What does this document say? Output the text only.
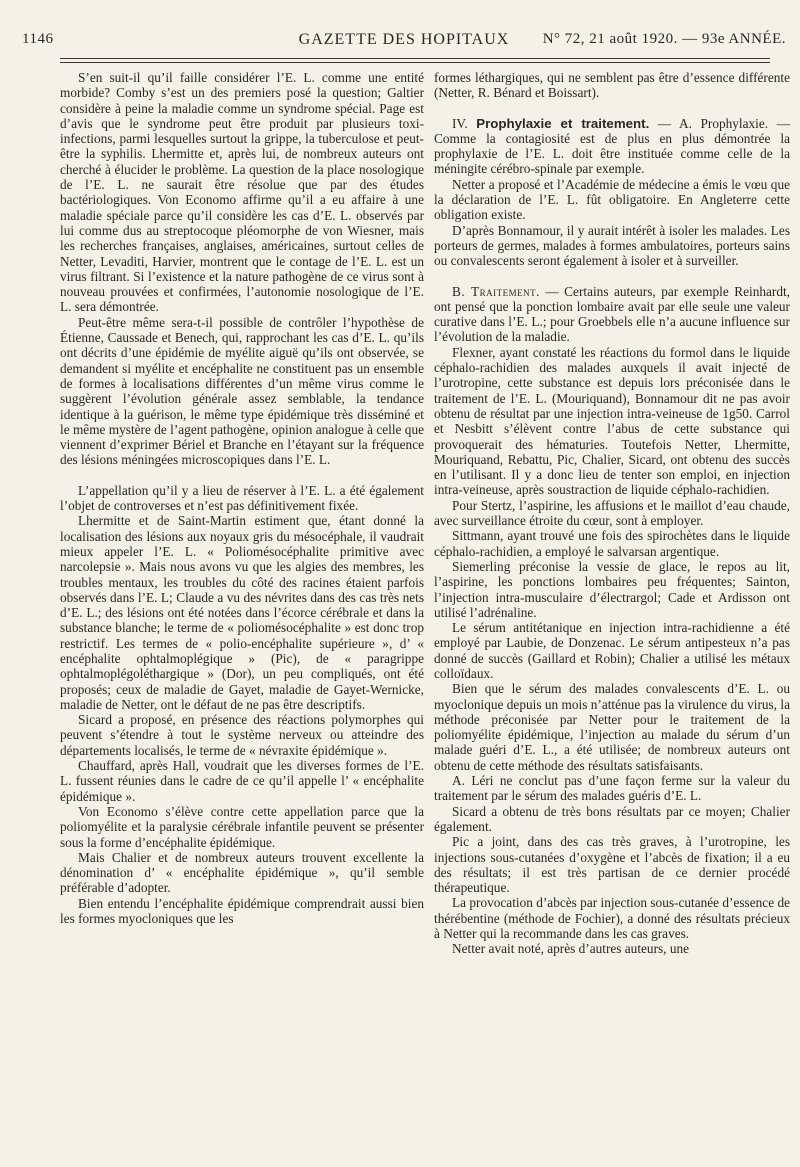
1146	GAZETTE DES HOPITAUX	N° 72, 21 août 1920. — 93e ANNÉE.

S’en suit-il qu’il faille considérer l’E. L. comme une entité morbide? Comby s’est un des premiers posé la question; Galtier considère à peine la maladie comme un syndrome spécial. Page est d’avis que le syndrome peut être produit par plusieurs toxi-infections, parmi lesquelles surtout la grippe, la tuberculose et peut-être la syphilis. Lhermitte et, après lui, de nombreux auteurs ont cherché à élucider le problème. La question de la place nosologique de l’E. L. ne saurait être résolue que par des études bactériologiques. Von Economo affirme qu’il a eu affaire à une maladie spéciale parce qu’il considère les cas d’E. L. observés par lui comme dus au streptocoque pléomorphe de von Wiesner, mais les recherches françaises, anglaises, américaines, surtout celles de Netter, Levaditi, Harvier, montrent que le contage de l’E. L. est un virus filtrant. Si l’existence et la nature pathogène de ce virus sont à nouveau prouvées et confirmées, l’autonomie nosologique de l’E. L. sera démontrée.

Peut-être même sera-t-il possible de contrôler l’hypothèse de Étienne, Caussade et Benech, qui, rapprochant les cas d’E. L. qu’ils ont décrits d’une épidémie de myélite aiguë qu’ils ont observée, se demandent si myélite et encéphalite ne constituent pas un ensemble de formes à localisations différentes d’un même virus comme le suggèrent l’évolution générale assez semblable, la tendance identique à la guérison, le même type épidémique très disséminé et le même mystère de l’agent pathogène, opinion analogue à celle que viennent d’exprimer Bériel et Branche en l’étayant sur la fréquence des lésions méningées microscopiques dans l’E. L.

L’appellation qu’il y a lieu de réserver à l’E. L. a été également l’objet de controverses et n’est pas définitivement fixée.

Lhermitte et de Saint-Martin estiment que, étant donné la localisation des lésions aux noyaux gris du mésocéphale, il vaudrait mieux appeler l’E. L. « Poliomésocéphalite primitive avec narcolepsie ». Mais nous avons vu que les algies des membres, les troubles mentaux, les troubles du côté des racines étaient parfois observés dans l’E. L; Claude a vu des névrites dans des cas très nets d’E. L.; des lésions ont été notées dans l’écorce cérébrale et dans la substance blanche; le terme de « poliomésocéphalite » est donc trop restrictif. Les termes de « polio-encéphalite supérieure », d’ « encéphalite ophtalmoplégique » (Pic), de « paragrippe ophtalmoplégoléthargique » (Dor), un peu compliqués, ont été proposés; ceux de maladie de Gayet, maladie de Gayet-Wernicke, maladie de Netter, ont le défaut de ne pas être descriptifs.

Sicard a proposé, en présence des réactions polymorphes qui peuvent s’étendre à tout le système nerveux ou atteindre des départements localisés, le terme de « névraxite épidémique ».

Chauffard, après Hall, voudrait que les diverses formes de l’E. L. fussent réunies dans le cadre de ce qu’il appelle l’ « encéphalite épidémique ».

Von Economo s’élève contre cette appellation parce que la poliomyélite et la paralysie cérébrale infantile peuvent se présenter sous la forme d’encéphalite épidémique.

Mais Chalier et de nombreux auteurs trouvent excellente la dénomination d’ « encéphalite épidémique », qu’il semble préférable d’adopter.

Bien entendu l’encéphalite épidémique comprendrait aussi bien les formes myocloniques que les

formes léthargiques, qui ne semblent pas être d’essence différente (Netter, R. Bénard et Boissart).

IV. Prophylaxie et traitement. — A. Prophylaxie. — Comme la contagiosité est de plus en plus démontrée la prophylaxie de l’E. L. doit être instituée comme celle de la méningite cérébro-spinale par exemple.

Netter a proposé et l’Académie de médecine a émis le vœu que la déclaration de l’E. L. fût obligatoire. En Angleterre cette obligation existe.

D’après Bonnamour, il y aurait intérêt à isoler les malades. Les porteurs de germes, malades à formes ambulatoires, porteurs sains ou convalescents seront également à isoler et à surveiller.

B. Traitement. — Certains auteurs, par exemple Reinhardt, ont pensé que la ponction lombaire avait par elle seule une valeur curative dans l’E. L.; pour Groebbels elle n’a aucune influence sur l’évolution de la maladie.

Flexner, ayant constaté les réactions du formol dans le liquide céphalo-rachidien des malades auxquels il avait injecté de l’urotropine, cette substance est depuis lors préconisée dans le traitement de l’E. L. (Mouriquand), Bonnamour dit ne pas avoir obtenu de résultat par une injection intra-veineuse de 1g50. Carrol et Nesbitt s’élèvent contre l’abus de cette substance qui provoquerait des hématuries. Toutefois Netter, Lhermitte, Mouriquand, Rebattu, Pic, Chalier, Sicard, ont obtenu des succès en l’utilisant. Il y a donc lieu de tenter son emploi, en injection intra-veineuse, après soustraction de liquide céphalo-rachidien.

Pour Stertz, l’aspirine, les affusions et le maillot d’eau chaude, avec surveillance étroite du cœur, sont à employer.

Sittmann, ayant trouvé une fois des spirochètes dans le liquide céphalo-rachidien, a employé le salvarsan argentique.

Siemerling préconise la vessie de glace, le repos au lit, l’aspirine, les ponctions lombaires peu fréquentes; Sainton, l’injection intra-musculaire d’électrargol; Cade et Ardisson ont utilisé l’adrénaline.

Le sérum antitétanique en injection intra-rachidienne a été employé par Laubie, de Donzenac. Le sérum antipesteux n’a pas donné de succès (Gaillard et Robin); Chalier a utilisé les métaux colloïdaux.

Bien que le sérum des malades convalescents d’E. L. ou myoclonique depuis un mois n’atténue pas la virulence du virus, la méthode préconisée par Netter pour le traitement de la poliomyélite épidémique, l’injection au malade du sérum d’un malade guéri d’E. L., a été utilisée; de nombreux auteurs ont obtenu de cette méthode des résultats satisfaisants.

A. Léri ne conclut pas d’une façon ferme sur la valeur du traitement par le sérum des malades guéris d’E. L.

Sicard a obtenu de très bons résultats par ce moyen; Chalier également.

Pic a joint, dans des cas très graves, à l’urotropine, les injections sous-cutanées d’oxygène et l’abcès de fixation; il a eu des résultats; il est très partisan de ce dernier procédé thérapeutique.

La provocation d’abcès par injection sous-cutanée d’essence de thérébentine (méthode de Fochier), a donné des résultats précieux à Netter qui la recommande dans les cas graves.

Netter avait noté, après d’autres auteurs, une
